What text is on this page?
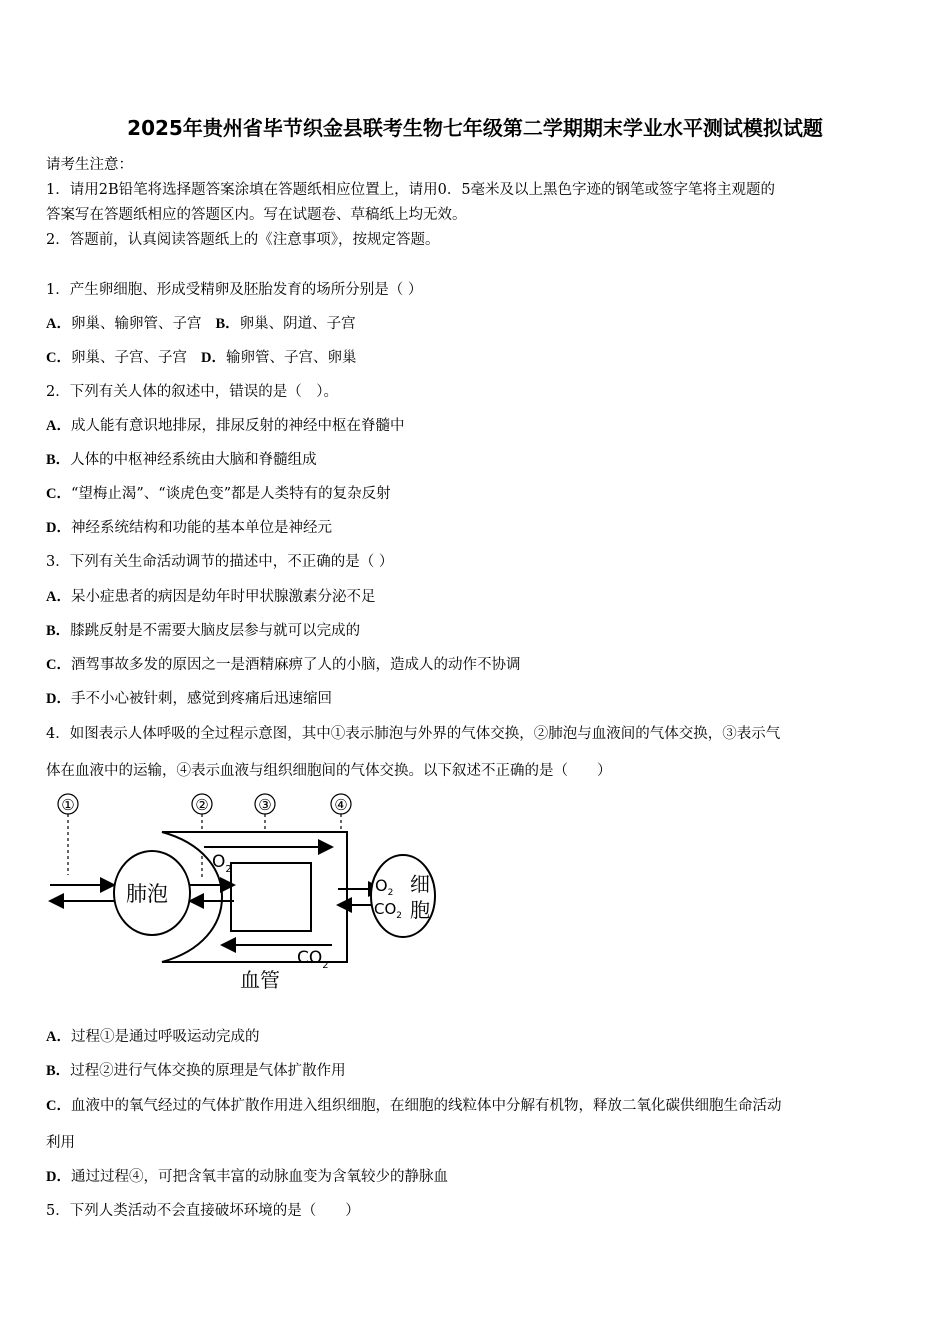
2025年贵州省毕节织金县联考生物七年级第二学期期末学业水平测试模拟试题
请考生注意：
1．请用2B铅笔将选择题答案涂填在答题纸相应位置上，请用0．5毫米及以上黑色字迹的钢笔或签字笔将主观题的
答案写在答题纸相应的答题区内。写在试题卷、草稿纸上均无效。
2．答题前，认真阅读答题纸上的《注意事项》，按规定答题。
1．产生卵细胞、形成受精卵及胚胎发育的场所分别是（ ）
A．卵巢、输卵管、子宫 B．卵巢、阴道、子宫
C．卵巢、子宫、子宫 D．输卵管、子宫、卵巢
2．下列有关人体的叙述中，错误的是（　）。
A．成人能有意识地排尿，排尿反射的神经中枢在脊髓中
B．人体的中枢神经系统由大脑和脊髓组成
C．“望梅止渴”、“谈虎色变”都是人类特有的复杂反射
D．神经系统结构和功能的基本单位是神经元
3．下列有关生命活动调节的描述中，不正确的是（ ）
A．呆小症患者的病因是幼年时甲状腺激素分泌不足
B．膝跳反射是不需要大脑皮层参与就可以完成的
C．酒驾事故多发的原因之一是酒精麻痹了人的小脑，造成人的动作不协调
D．手不小心被针刺，感觉到疼痛后迅速缩回
4．如图表示人体呼吸的全过程示意图，其中①表示肺泡与外界的气体交换，②肺泡与血液间的气体交换，③表示气
体在血液中的运输，④表示血液与组织细胞间的气体交换。以下叙述不正确的是（　　）
①	②	③	④
肺泡
$O_2$
$CO_2$
$O_2$
$CO_2$
细
胞
血管
A．过程①是通过呼吸运动完成的
B．过程②进行气体交换的原理是气体扩散作用
C．血液中的氧气经过的气体扩散作用进入组织细胞，在细胞的线粒体中分解有机物，释放二氧化碳供细胞生命活动
利用
D．通过过程④，可把含氧丰富的动脉血变为含氧较少的静脉血
5．下列人类活动不会直接破坏环境的是（　　）
